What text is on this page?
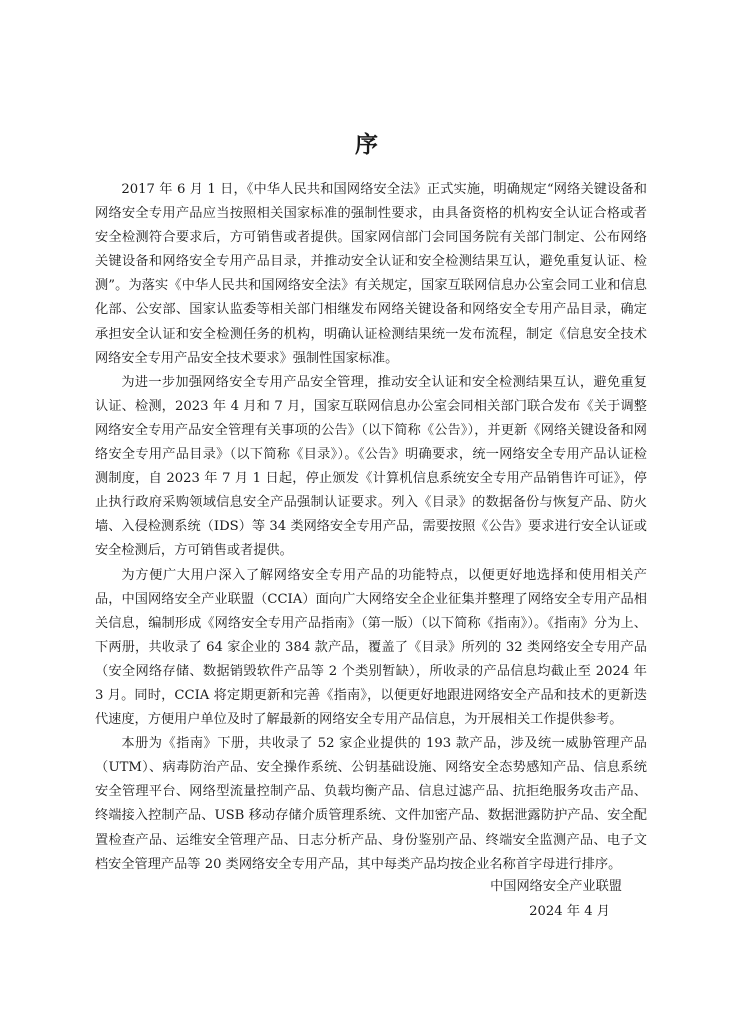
序

2017 年 6 月 1 日，《中华人民共和国网络安全法》正式实施，明确规定“网络关键设备和网络安全专用产品应当按照相关国家标准的强制性要求，由具备资格的机构安全认证合格或者安全检测符合要求后，方可销售或者提供。国家网信部门会同国务院有关部门制定、公布网络关键设备和网络安全专用产品目录，并推动安全认证和安全检测结果互认，避免重复认证、检测”。为落实《中华人民共和国网络安全法》有关规定，国家互联网信息办公室会同工业和信息化部、公安部、国家认监委等相关部门相继发布网络关键设备和网络安全专用产品目录，确定承担安全认证和安全检测任务的机构，明确认证检测结果统一发布流程，制定《信息安全技术 网络安全专用产品安全技术要求》强制性国家标准。

为进一步加强网络安全专用产品安全管理，推动安全认证和安全检测结果互认，避免重复认证、检测，2023 年 4 月和 7 月，国家互联网信息办公室会同相关部门联合发布《关于调整网络安全专用产品安全管理有关事项的公告》（以下简称《公告》），并更新《网络关键设备和网络安全专用产品目录》（以下简称《目录》）。《公告》明确要求，统一网络安全专用产品认证检测制度，自 2023 年 7 月 1 日起，停止颁发《计算机信息系统安全专用产品销售许可证》，停止执行政府采购领域信息安全产品强制认证要求。列入《目录》的数据备份与恢复产品、防火墙、入侵检测系统（IDS）等 34 类网络安全专用产品，需要按照《公告》要求进行安全认证或安全检测后，方可销售或者提供。

为方便广大用户深入了解网络安全专用产品的功能特点，以便更好地选择和使用相关产品，中国网络安全产业联盟（CCIA）面向广大网络安全企业征集并整理了网络安全专用产品相关信息，编制形成《网络安全专用产品指南》（第一版）（以下简称《指南》）。《指南》分为上、下两册，共收录了 64 家企业的 384 款产品，覆盖了《目录》所列的 32 类网络安全专用产品（安全网络存储、数据销毁软件产品等 2 个类别暂缺），所收录的产品信息均截止至 2024 年 3 月。同时，CCIA 将定期更新和完善《指南》，以便更好地跟进网络安全产品和技术的更新迭代速度，方便用户单位及时了解最新的网络安全专用产品信息，为开展相关工作提供参考。

本册为《指南》下册，共收录了 52 家企业提供的 193 款产品，涉及统一威胁管理产品（UTM）、病毒防治产品、安全操作系统、公钥基础设施、网络安全态势感知产品、信息系统安全管理平台、网络型流量控制产品、负载均衡产品、信息过滤产品、抗拒绝服务攻击产品、终端接入控制产品、USB 移动存储介质管理系统、文件加密产品、数据泄露防护产品、安全配置检查产品、运维安全管理产品、日志分析产品、身份鉴别产品、终端安全监测产品、电子文档安全管理产品等 20 类网络安全专用产品，其中每类产品均按企业名称首字母进行排序。

中国网络安全产业联盟
2024 年 4 月
